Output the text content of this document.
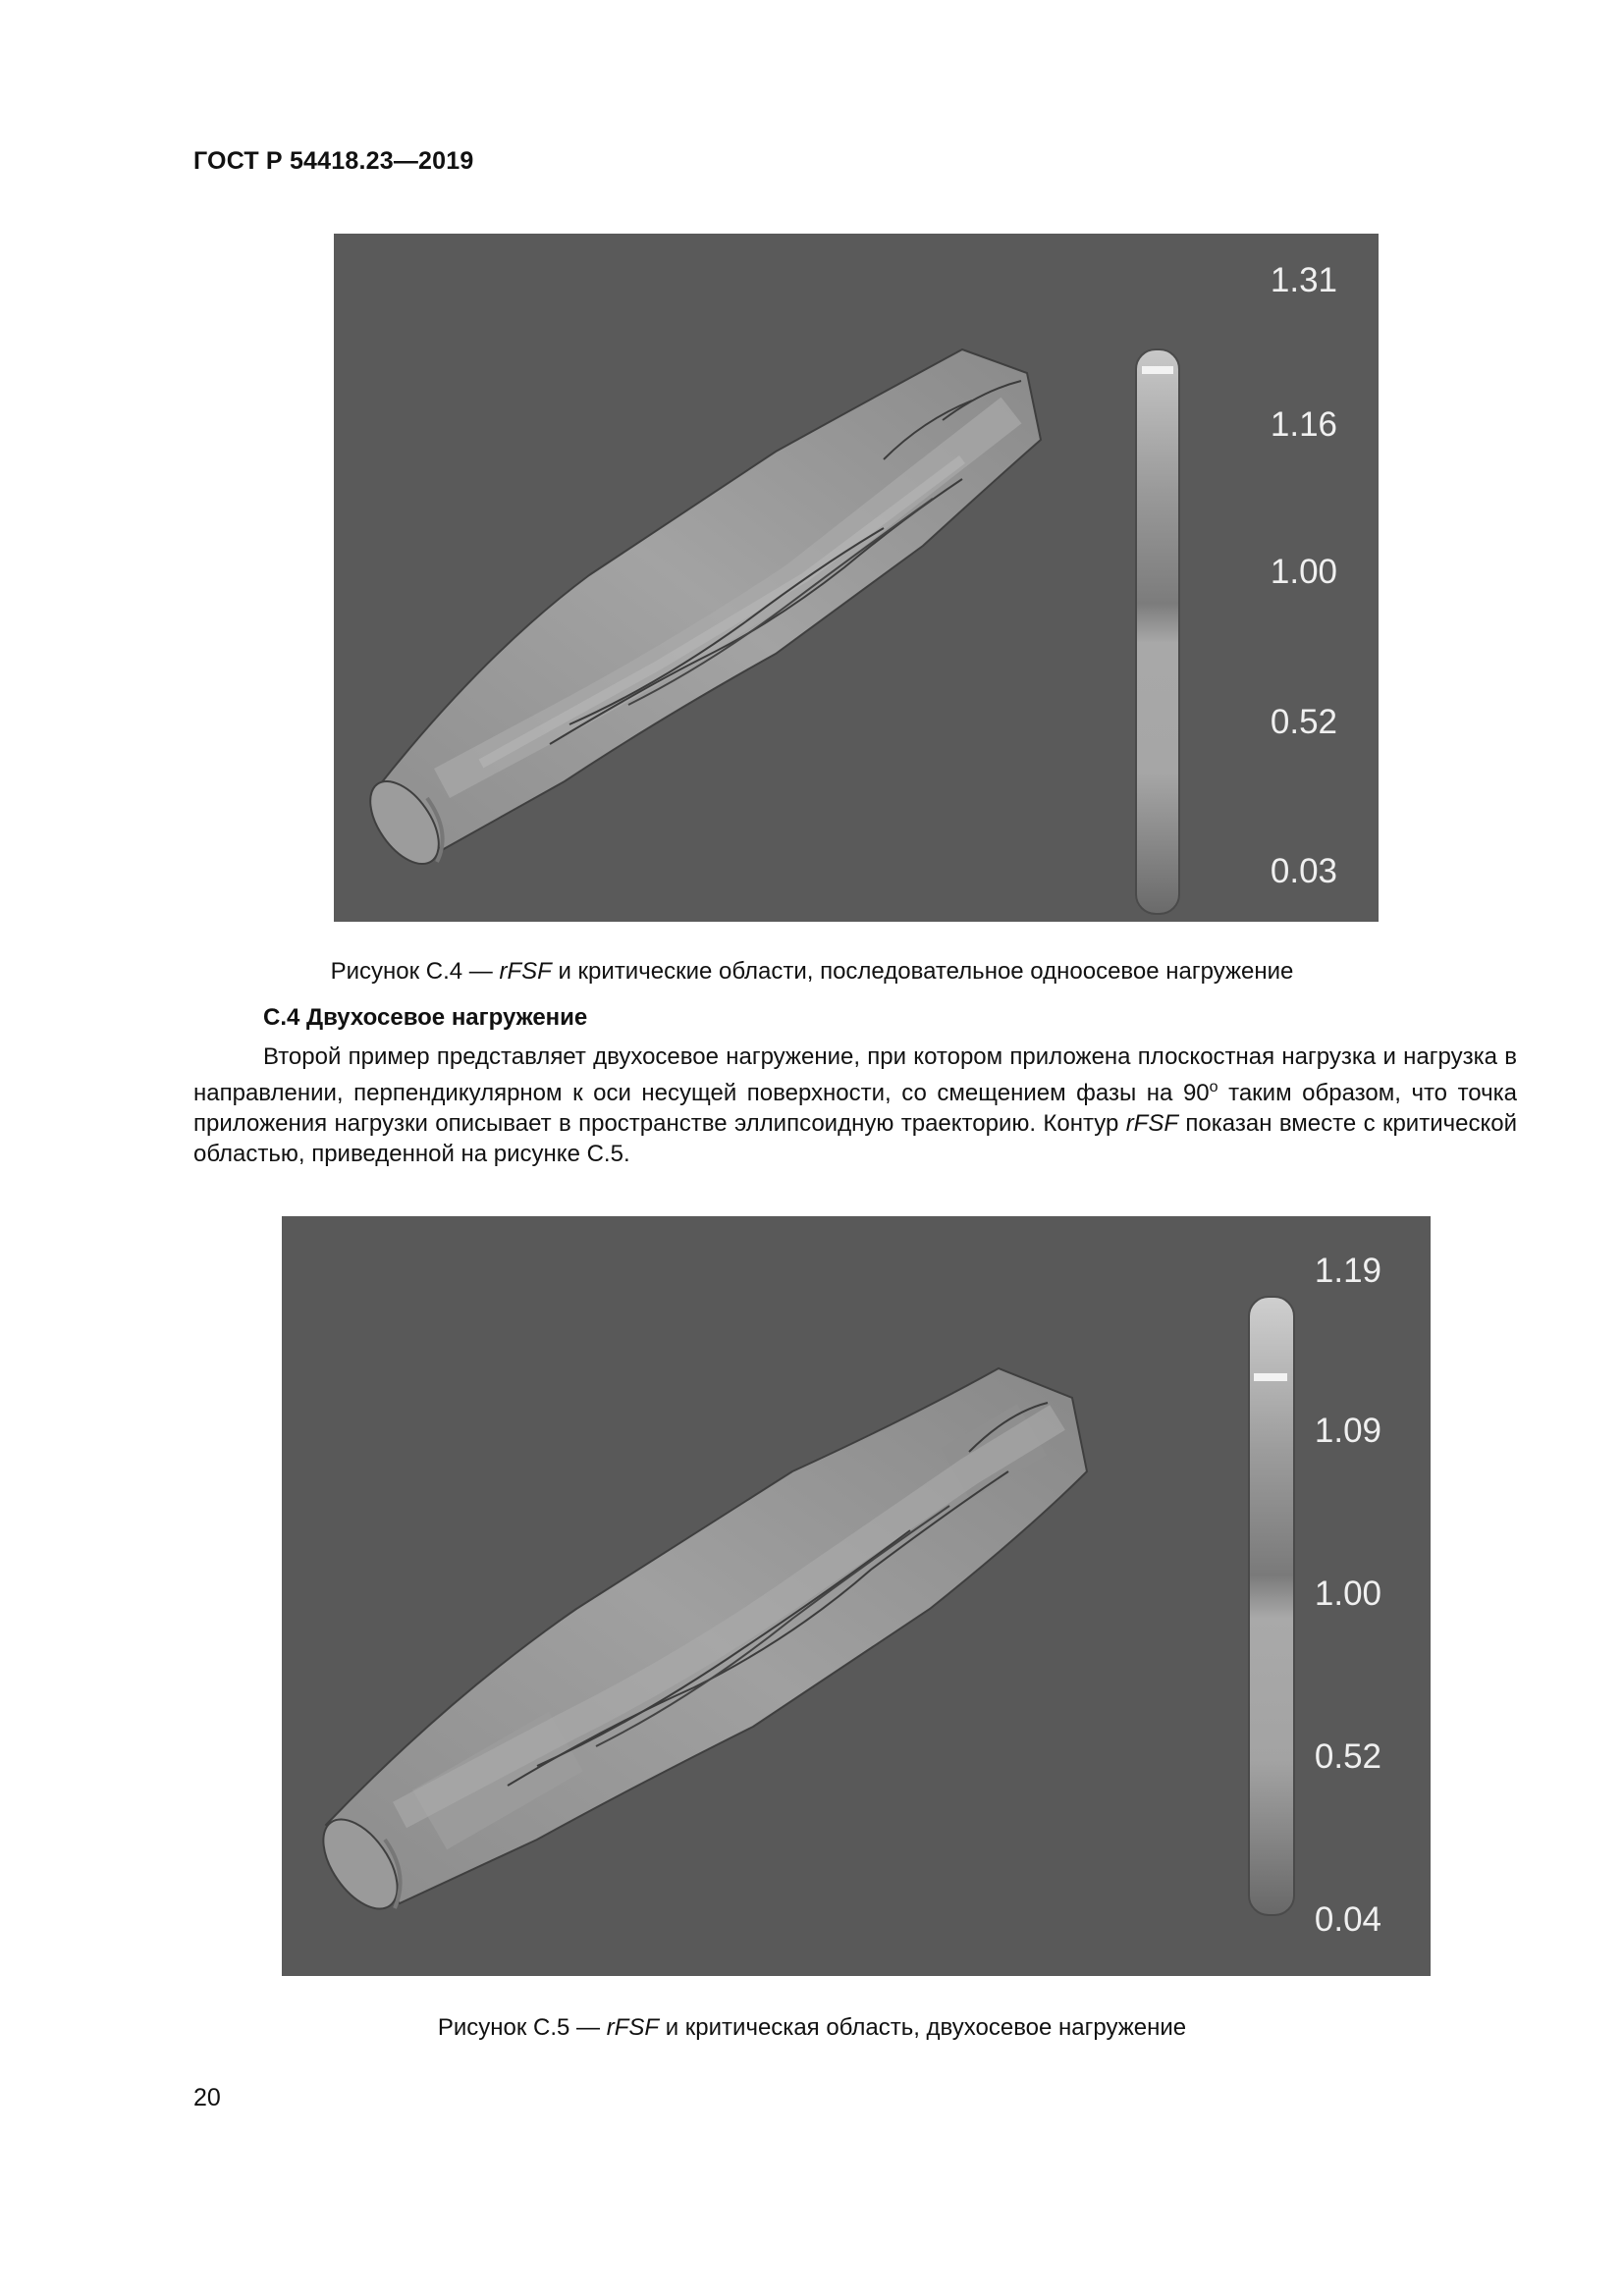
ГОСТ Р 54418.23—2019
1.31
1.16
1.00
0.52
0.03
Рисунок С.4 — rFSF и критические области, последовательное одноосевое нагружение
С.4 Двухосевое нагружение
Второй пример представляет двухосевое нагружение, при котором приложена плоскостная нагрузка и нагрузка в направлении, перпендикулярном к оси несущей поверхности, со смещением фазы на $90^о$ таким образом, что точка приложения нагрузки описывает в пространстве эллипсоидную траекторию. Контур rFSF показан вместе с критической областью, приведенной на рисунке С.5.
1.19
1.09
1.00
0.52
0.04
Рисунок С.5 — rFSF и критическая область, двухосевое нагружение
20
